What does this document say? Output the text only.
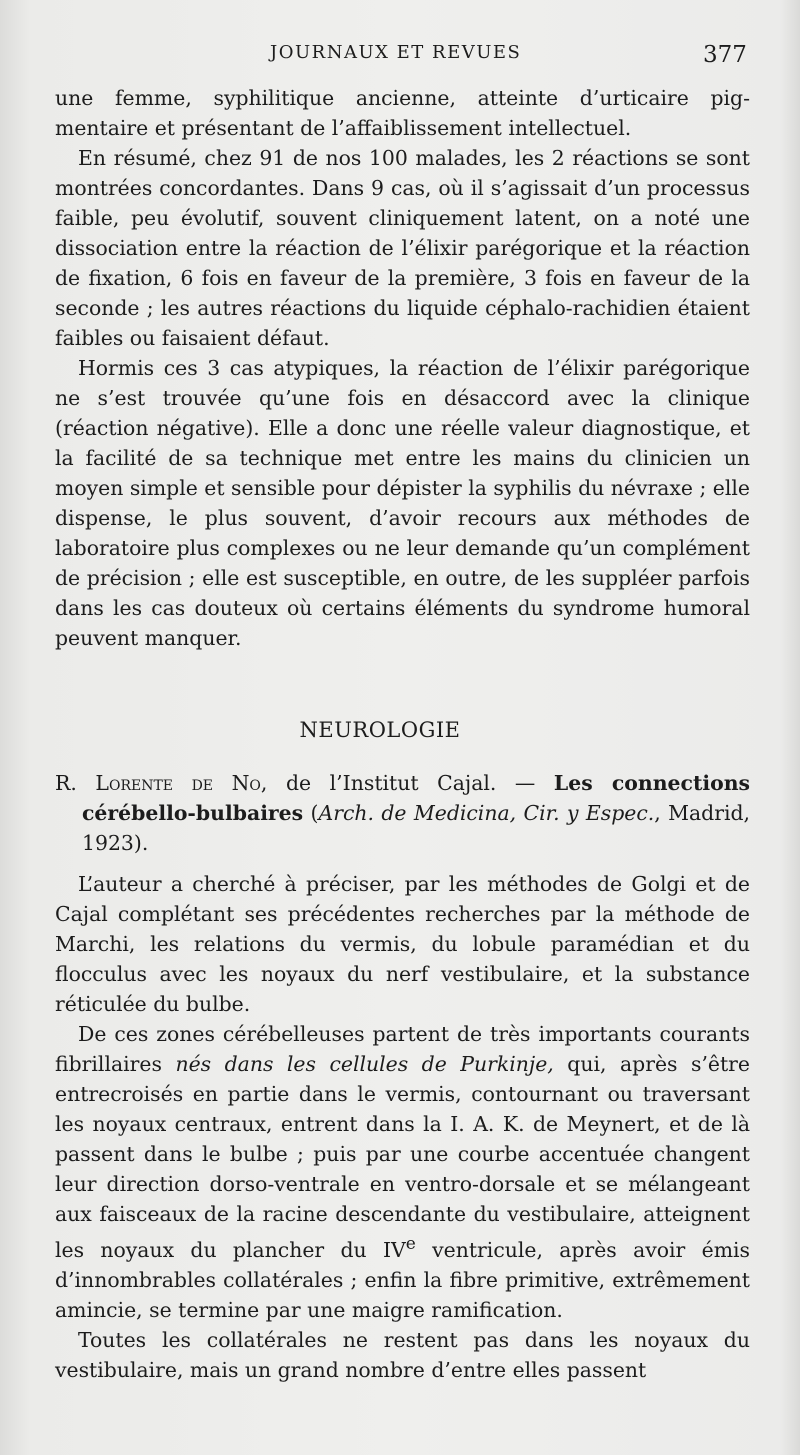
JOURNAUX ET REVUES	377

une femme, syphilitique ancienne, atteinte d’urticaire pig-mentaire et présentant de l’affaiblissement intellectuel.

En résumé, chez 91 de nos 100 malades, les 2 réactions se sont montrées concordantes. Dans 9 cas, où il s’agissait d’un processus faible, peu évolutif, souvent cliniquement latent, on a noté une dissociation entre la réaction de l’élixir parégorique et la réaction de fixation, 6 fois en faveur de la première, 3 fois en faveur de la seconde ; les autres réactions du liquide céphalo-rachidien étaient faibles ou faisaient défaut.

Hormis ces 3 cas atypiques, la réaction de l’élixir parégorique ne s’est trouvée qu’une fois en désaccord avec la clinique (réaction négative). Elle a donc une réelle valeur diagnostique, et la facilité de sa technique met entre les mains du clinicien un moyen simple et sensible pour dépister la syphilis du névraxe ; elle dispense, le plus souvent, d’avoir recours aux méthodes de laboratoire plus complexes ou ne leur demande qu’un complément de précision ; elle est susceptible, en outre, de les suppléer parfois dans les cas douteux où certains éléments du syndrome humoral peuvent manquer.

NEUROLOGIE
R. Lorente de No, de l’Institut Cajal. — Les connections cérébello-bulbaires (Arch. de Medicina, Cir. y Espec., Madrid, 1923).

L’auteur a cherché à préciser, par les méthodes de Golgi et de Cajal complétant ses précédentes recherches par la méthode de Marchi, les relations du vermis, du lobule paramédian et du flocculus avec les noyaux du nerf vestibulaire, et la substance réticulée du bulbe.

De ces zones cérébelleuses partent de très importants courants fibrillaires nés dans les cellules de Purkinje, qui, après s’être entrecroisés en partie dans le vermis, contournant ou traversant les noyaux centraux, entrent dans la I. A. K. de Meynert, et de là passent dans le bulbe ; puis par une courbe accentuée changent leur direction dorso-ventrale en ventro-dorsale et se mélangeant aux faisceaux de la racine descendante du vestibulaire, atteignent les noyaux du plancher du IVe ventricule, après avoir émis d’innombrables collatérales ; enfin la fibre primitive, extrêmement amincie, se termine par une maigre ramification.

Toutes les collatérales ne restent pas dans les noyaux du vestibulaire, mais un grand nombre d’entre elles passent
